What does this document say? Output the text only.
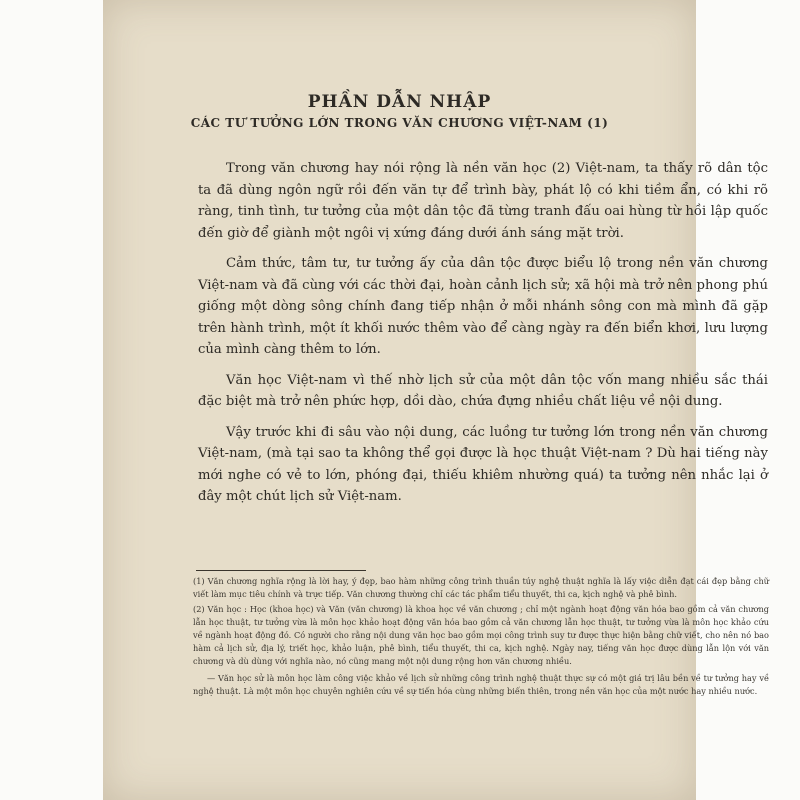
PHẦN DẪN NHẬP
CÁC TƯ TƯỞNG LỚN TRONG VĂN CHƯƠNG VIỆT-NAM (1)

Trong văn chương hay nói rộng là nền văn học (2) Việt-nam, ta thấy rõ dân tộc ta đã dùng ngôn ngữ rồi đến văn tự để trình bày, phát lộ có khi tiềm ẩn, có khi rõ ràng, tinh tình, tư tưởng của một dân tộc đã từng tranh đấu oai hùng từ hồi lập quốc đến giờ để giành một ngôi vị xứng đáng dưới ánh sáng mặt trời.

Cảm thức, tâm tư, tư tưởng ấy của dân tộc được biểu lộ trong nền văn chương Việt-nam và đã cùng với các thời đại, hoàn cảnh lịch sử; xã hội mà trở nên phong phú giống một dòng sông chính đang tiếp nhận ở mỗi nhánh sông con mà mình đã gặp trên hành trình, một ít khối nước thêm vào để càng ngày ra đến biển khơi, lưu lượng của mình càng thêm to lớn.

Văn học Việt-nam vì thế nhờ lịch sử của một dân tộc vốn mang nhiều sắc thái đặc biệt mà trở nên phức hợp, dồi dào, chứa đựng nhiều chất liệu về nội dung.

Vậy trước khi đi sâu vào nội dung, các luồng tư tưởng lớn trong nền văn chương Việt-nam, (mà tại sao ta không thể gọi được là học thuật Việt-nam ? Dù hai tiếng này mới nghe có vẻ to lớn, phóng đại, thiếu khiêm nhường quá) ta tưởng nên nhắc lại ở đây một chút lịch sử Việt-nam.

(1) Văn chương nghĩa rộng là lời hay, ý đẹp, bao hàm những công trình thuần túy nghệ thuật nghĩa là lấy việc diễn đạt cái đẹp bằng chữ viết làm mục tiêu chính và trực tiếp. Văn chương thường chỉ các tác phẩm tiểu thuyết, thi ca, kịch nghệ và phê bình.

(2) Văn học : Học (khoa học) và Văn (văn chương) là khoa học về văn chương ; chỉ một ngành hoạt động văn hóa bao gồm cả văn chương lẫn học thuật, tư tưởng vừa là môn học khảo hoạt động văn hóa bao gồm cả văn chương lẫn học thuật, tư tưởng vừa là môn học khảo cứu về ngành hoạt động đó. Có người cho rằng nội dung văn học bao gồm mọi công trình suy tư được thực hiện bằng chữ viết, cho nên nó bao hàm cả lịch sử, địa lý, triết học, khảo luận, phê bình, tiểu thuyết, thi ca, kịch nghệ. Ngày nay, tiếng văn học được dùng lẫn lộn với văn chương và dù dùng với nghĩa nào, nó cũng mang một nội dung rộng hơn văn chương nhiều.

— Văn học sử là môn học làm công việc khảo về lịch sử những công trình nghệ thuật thực sự có một giá trị lâu bền về tư tưởng hay về nghệ thuật. Là một môn học chuyên nghiên cứu về sự tiến hóa cùng những biến thiên, trong nền văn học của một nước hay nhiều nước.
